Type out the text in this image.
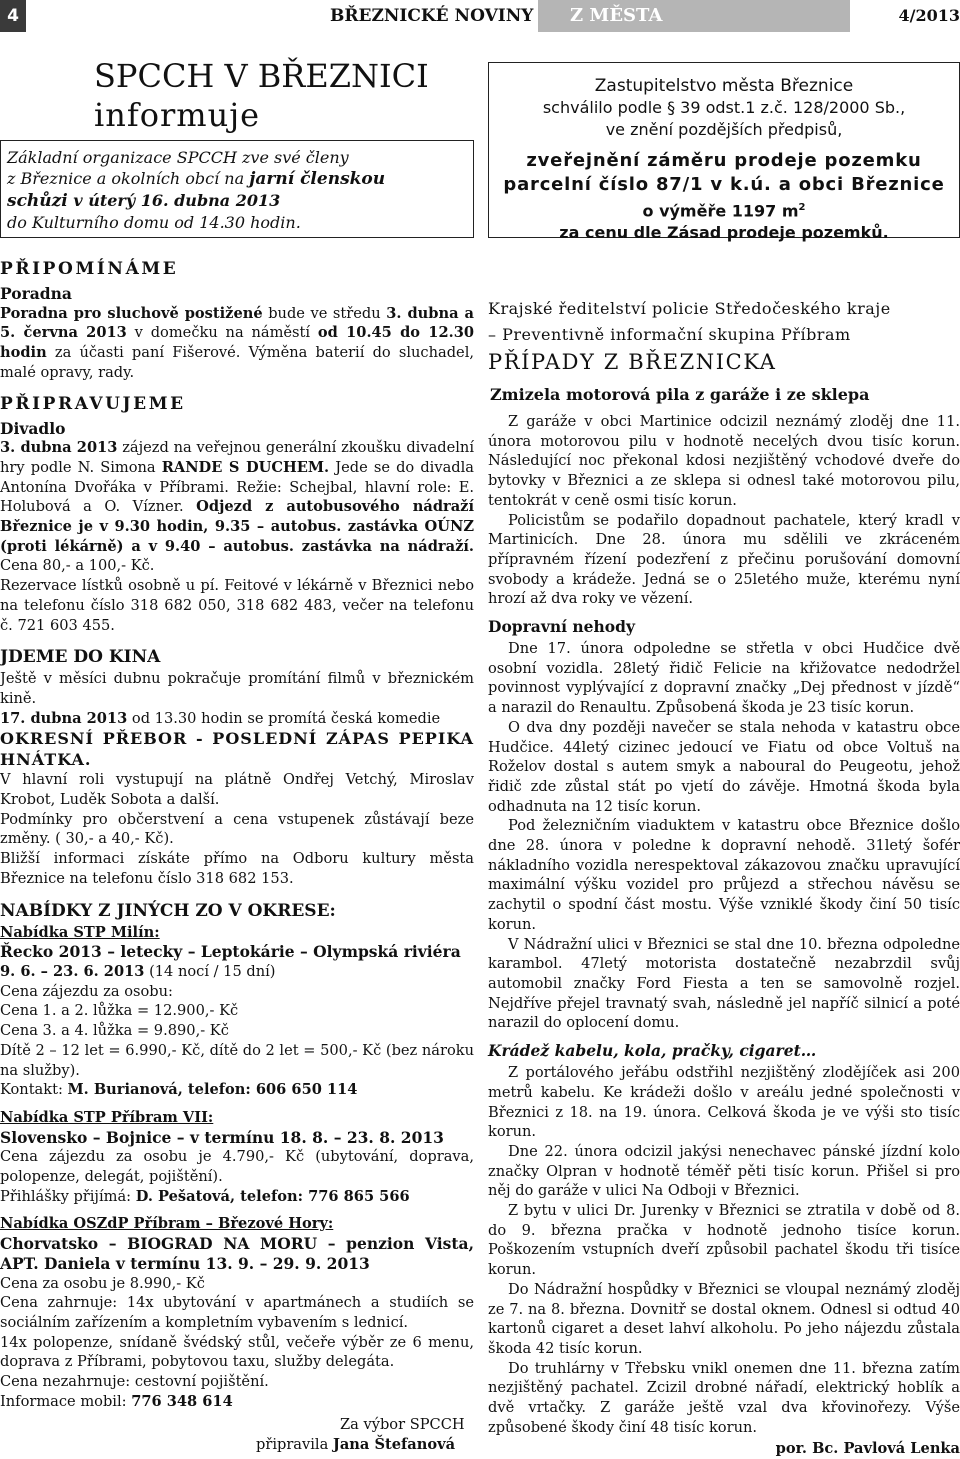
4	BŘEZNICKÉ NOVINY	Z MĚSTA	4/2013
SPCCH V BŘEZNICI
informuje
Základní organizace SPCCH zve své členy
z Březnice a okolních obcí na jarní členskou
schůzi v úterý 16. dubna 2013
do Kulturního domu od 14.30 hodin.
PŘIPOMÍNÁME

Poradna

Poradna pro sluchově postižené bude ve středu 3. dubna a 5. června 2013 v domečku na náměstí od 10.45 do 12.30 hodin za účasti paní Fišerové. Výměna baterií do sluchadel, malé opravy, rady.

PŘIPRAVUJEME

Divadlo

3. dubna 2013 zájezd na veřejnou generální zkoušku divadelní hry podle N. Simona RANDE S DUCHEM. Jede se do divadla Antonína Dvořáka v Příbrami. Režie: Schejbal, hlavní role: E. Holubová a O. Vízner. Odjezd z autobusového nádraží Březnice je v 9.30 hodin, 9.35 – autobus. zastávka OÚNZ (proti lékárně) a v 9.40 – autobus. zastávka na nádraží. Cena 80,- a 100,- Kč.

Rezervace lístků osobně u pí. Feitové v lékárně v Březnici nebo na telefonu číslo 318 682 050, 318 682 483, večer na telefonu č. 721 603 455.

JDEME DO KINA

Ještě v měsíci dubnu pokračuje promítání filmů v březnickém kině.

17. dubna 2013 od 13.30 hodin se promítá česká komedie

OKRESNÍ PŘEBOR - POSLEDNÍ ZÁPAS PEPIKA HNÁTKA.

V hlavní roli vystupují na plátně Ondřej Vetchý, Miroslav Krobot, Luděk Sobota a další.

Podmínky pro občerstvení a cena vstupenek zůstávají beze změny. ( 30,- a 40,- Kč).

Bližší informaci získáte přímo na Odboru kultury města Březnice na telefonu číslo 318 682 153.

NABÍDKY Z JINÝCH ZO V OKRESE:

Nabídka STP Milín:

Řecko 2013 – letecky – Leptokárie – Olympská riviéra

9. 6. – 23. 6. 2013 (14 nocí / 15 dní)

Cena zájezdu za osobu:

Cena 1. a 2. lůžka = 12.900,- Kč

Cena 3. a 4. lůžka = 9.890,- Kč

Dítě 2 – 12 let = 6.990,- Kč, dítě do 2 let = 500,- Kč (bez nároku na služby).

Kontakt: M. Burianová, telefon: 606 650 114

Nabídka STP Příbram VII:

Slovensko – Bojnice – v termínu 18. 8. – 23. 8. 2013

Cena zájezdu za osobu je 4.790,- Kč (ubytování, doprava, polopenze, delegát, pojištění).

Přihlášky přijímá: D. Pešatová, telefon: 776 865 566

Nabídka OSZdP Příbram – Březové Hory:

Chorvatsko – BIOGRAD NA MORU – penzion Vista, APT. Daniela v termínu 13. 9. – 29. 9. 2013

Cena za osobu je 8.990,- Kč

Cena zahrnuje: 14x ubytování v apartmánech a studiích se sociálním zařízením a kompletním vybavením s lednicí.

14x polopenze, snídaně švédský stůl, večeře výběr ze 6 menu, doprava z Příbrami, pobytovou taxu, služby delegáta.

Cena nezahrnuje: cestovní pojištění.

Informace mobil: 776 348 614

Za výbor SPCCH

připravila Jana Štefanová

Zastupitelstvo města Březnice
schválilo podle § 39 odst.1 z.č. 128/2000 Sb.,
ve znění pozdějších předpisů,
zveřejnění záměru prodeje pozemku
parcelní číslo 87/1 v k.ú. a obci Březnice
o výměře 1197 $m^2$
za cenu dle Zásad prodeje pozemků.
Krajské ředitelství policie Středočeského kraje
– Preventivně informační skupina Příbram
PŘÍPADY Z BŘEZNICKA
Zmizela motorová pila z garáže i ze sklepa

Z garáže v obci Martinice odcizil neznámý zloděj dne 11. února motorovou pilu v hodnotě necelých dvou tisíc korun. Následující noc překonal kdosi nezjištěný vchodové dveře do bytovky v Březnici a ze sklepa si odnesl také motorovou pilu, tentokrát v ceně osmi tisíc korun.

Policistům se podařilo dopadnout pachatele, který kradl v Martinicích. Dne 28. února mu sdělili ve zkráceném přípravném řízení podezření z přečinu porušování domovní svobody a krádeže. Jedná se o 25letého muže, kterému nyní hrozí až dva roky ve vězení.

Dopravní nehody

Dne 17. února odpoledne se střetla v obci Hudčice dvě osobní vozidla. 28letý řidič Felicie na křižovatce nedodržel povinnost vyplývající z dopravní značky „Dej přednost v jízdě“ a narazil do Renaultu. Způsobená škoda je 23 tisíc korun.

O dva dny později navečer se stala nehoda v katastru obce Hudčice. 44letý cizinec jedoucí ve Fiatu od obce Voltuš na Roželov dostal s autem smyk a naboural do Peugeotu, jehož řidič zde zůstal stát po vjetí do závěje. Hmotná škoda byla odhadnuta na 12 tisíc korun.

Pod železničním viaduktem v katastru obce Březnice došlo dne 28. února v poledne k dopravní nehodě. 31letý šofér nákladního vozidla nerespektoval zákazovou značku upravující maximální výšku vozidel pro průjezd a střechou návěsu se zachytil o spodní část mostu. Výše vzniklé škody činí 50 tisíc korun.

V Nádražní ulici v Březnici se stal dne 10. března odpoledne karambol. 47letý motorista dostatečně nezabrzdil svůj automobil značky Ford Fiesta a ten se samovolně rozjel. Nejdříve přejel travnatý svah, následně jel napříč silnicí a poté narazil do oplocení domu.

Krádež kabelu, kola, pračky, cigaret…

Z portálového jeřábu odstřihl nezjištěný zlodějíček asi 200 metrů kabelu. Ke krádeži došlo v areálu jedné společnosti v Březnici z 18. na 19. února. Celková škoda je ve výši sto tisíc korun.

Dne 22. února odcizil jakýsi nenechavec pánské jízdní kolo značky Olpran v hodnotě téměř pěti tisíc korun. Přišel si pro něj do garáže v ulici Na Odboji v Březnici.

Z bytu v ulici Dr. Jurenky v Březnici se ztratila v době od 8. do 9. března pračka v hodnotě jednoho tisíce korun. Poškozením vstupních dveří způsobil pachatel škodu tři tisíce korun.

Do Nádražní hospůdky v Březnici se vloupal neznámý zloděj ze 7. na 8. března. Dovnitř se dostal oknem. Odnesl si odtud 40 kartonů cigaret a deset lahví alkoholu. Po jeho nájezdu zůstala škoda 42 tisíc korun.

Do truhlárny v Třebsku vnikl onemen dne 11. března zatím nezjištěný pachatel. Zcizil drobné nářadí, elektrický hoblík a dvě vrtačky. Z garáže ještě vzal dva křovinořezy. Výše způsobené škody činí 48 tisíc korun.

por. Bc. Pavlová Lenka
